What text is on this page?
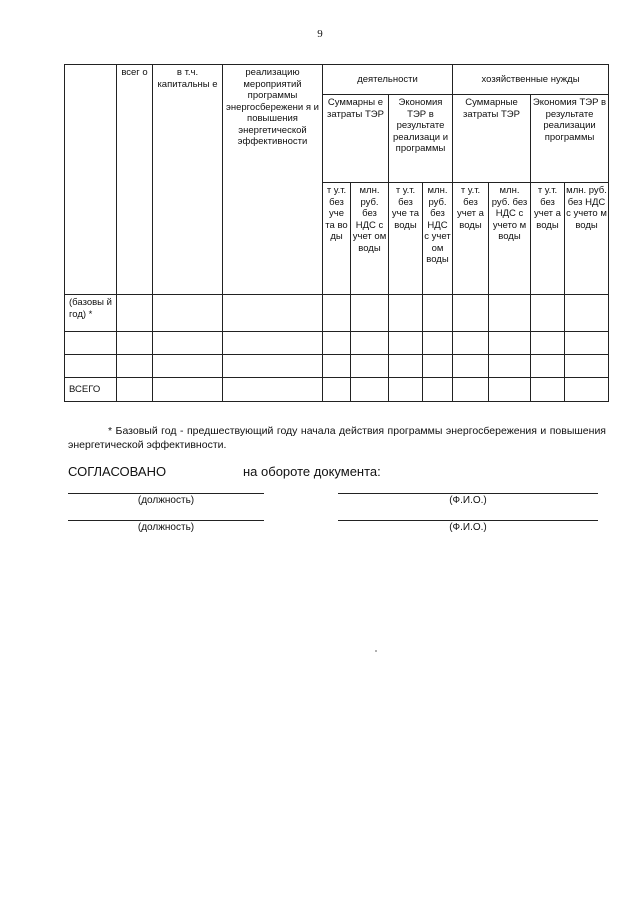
9
	всег о	в т.ч. капитальны е	реализацию мероприятий программы энергосбережени я и повышения энергетической эффективности	деятельности				хозяйственные нужды			
				Суммарны е затраты ТЭР		Экономия ТЭР в результате реализаци и программы		Суммарные затраты ТЭР		Экономия ТЭР в результате реализации программы	
				т у.т. без уче та во ды	млн. руб. без НДС с учет ом воды	т у.т. без уче та воды	млн. руб. без НДС с учет ом воды	т у.т. без учет а воды	млн. руб. без НДС с учето м воды	т у.т. без учет а воды	млн. руб. без НДС с учето м воды
(базовы й год) *											

ВСЕГО											
* Базовый год - предшествующий году начала действия программы энергосбережения и повышения энергетической эффективности.
СОГЛАСОВАНО	на обороте документа:
(должность)	(Ф.И.О.)
(должность)	(Ф.И.О.)
